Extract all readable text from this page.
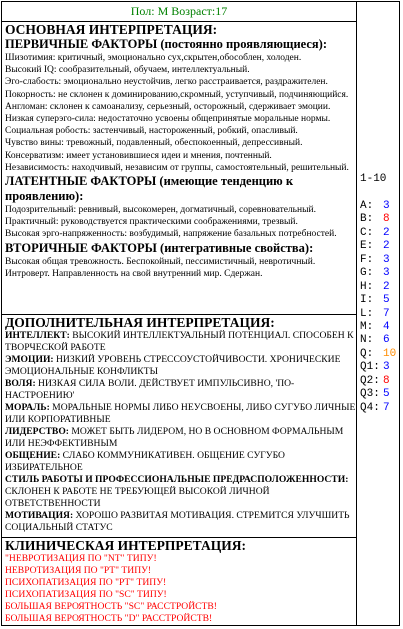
Пол: М Возраст:17
ОСНОВНАЯ ИНТЕРПРЕТАЦИЯ:
ПЕРВИЧНЫЕ ФАКТОРЫ (постоянно проявляющиеся):
Шизотимия: критичный, эмоционально сух,скрытен,обособлен, холоден.
Высокий IQ: сообразительный, обучаем, интеллектуальный.
Эго-слабость: эмоционально неустойчив, легко расстраивается, раздражителен.
Покорность: не склонен к доминированию,скромный, уступчивый, подчиняющийся.
Англоман: склонен к самоанализу, серьезный, осторожный, сдерживает эмоции.
Низкая суперэго-сила: недостаточно усвоены общепринятые моральные нормы.
Социальная робость: застенчивый, настороженный, робкий, опасливый.
Чувство вины: тревожный, подавленный, обеспокоенный, депрессивный.
Консерватизм: имеет установившиеся идеи и мнения, почтенный.
Независимость: находчивый, независим от группы, самостоятельный, решительный.
ЛАТЕНТНЫЕ ФАКТОРЫ (имеющие тенденцию к проявлению):
Подозрительный: ревнивый, высокомерен, догматичный, соревновательный.
Практичный: руководствуется практическими соображениями, трезвый.
Высокая эрго-напряженность: возбудимый, напряжение базальных потребностей.
ВТОРИЧНЫЕ ФАКТОРЫ (интегративные свойства):
Высокая общая тревожность. Беспокойный, пессимистичный, невротичный.
Интроверт. Направленность на свой внутренний мир. Сдержан.
ДОПОЛНИТЕЛЬНАЯ ИНТЕРПРЕТАЦИЯ:
ИНТЕЛЛЕКТ: ВЫСОКИЙ ИНТЕЛЛЕКТУАЛЬНЫЙ ПОТЕНЦИАЛ. СПОСОБЕН К ТВОРЧЕСКОЙ РАБОТЕ
ЭМОЦИИ: НИЗКИЙ УРОВЕНЬ СТРЕССОУСТОЙЧИВОСТИ. ХРОНИЧЕСКИЕ ЭМОЦИОНАЛЬНЫЕ КОНФЛИКТЫ
ВОЛЯ: НИЗКАЯ СИЛА ВОЛИ. ДЕЙСТВУЕТ ИМПУЛЬСИВНО, 'ПО-НАСТРОЕНИЮ'
МОРАЛЬ: МОРАЛЬНЫЕ НОРМЫ ЛИБО НЕУСВОЕНЫ, ЛИБО СУГУБО ЛИЧНЫЕ ИЛИ КОРПОРАТИВНЫЕ
ЛИДЕРСТВО: МОЖЕТ БЫТЬ ЛИДЕРОМ, НО В ОСНОВНОМ ФОРМАЛЬНЫМ ИЛИ НЕЭФФЕКТИВНЫМ
ОБЩЕНИЕ: СЛАБО КОММУНИКАТИВЕН. ОБЩЕНИЕ СУГУБО ИЗБИРАТЕЛЬНОЕ
СТИЛЬ РАБОТЫ И ПРОФЕССИОНАЛЬНЫЕ ПРЕДРАСПОЛОЖЕННОСТИ: СКЛОНЕН К РАБОТЕ НЕ ТРЕБУЮЩЕЙ ВЫСОКОЙ ЛИЧНОЙ ОТВЕТСТВЕННОСТИ
МОТИВАЦИЯ: ХОРОШО РАЗВИТАЯ МОТИВАЦИЯ. СТРЕМИТСЯ УЛУЧШИТЬ СОЦИАЛЬНЫЙ СТАТУС
КЛИНИЧЕСКАЯ ИНТЕРПРЕТАЦИЯ:
"НЕВРОТИЗАЦИЯ ПО "NT" ТИПУ!
НЕВРОТИЗАЦИЯ ПО "PT" ТИПУ!
ПСИХОПАТИЗАЦИЯ ПО "PT" ТИПУ!
ПСИХОПАТИЗАЦИЯ ПО "SC" ТИПУ!
БОЛЬШАЯ ВЕРОЯТНОСТЬ "SC" РАССТРОЙСТВ!
БОЛЬШАЯ ВЕРОЯТНОСТЬ "D" РАССТРОЙСТВ!
1-10
A: 3
B: 8
C: 2
E: 2
F: 3
G: 3
H: 2
I: 5
L: 7
M: 4
N: 6
Q: 10
Q1: 3
Q2: 8
Q3: 5
Q4: 7
